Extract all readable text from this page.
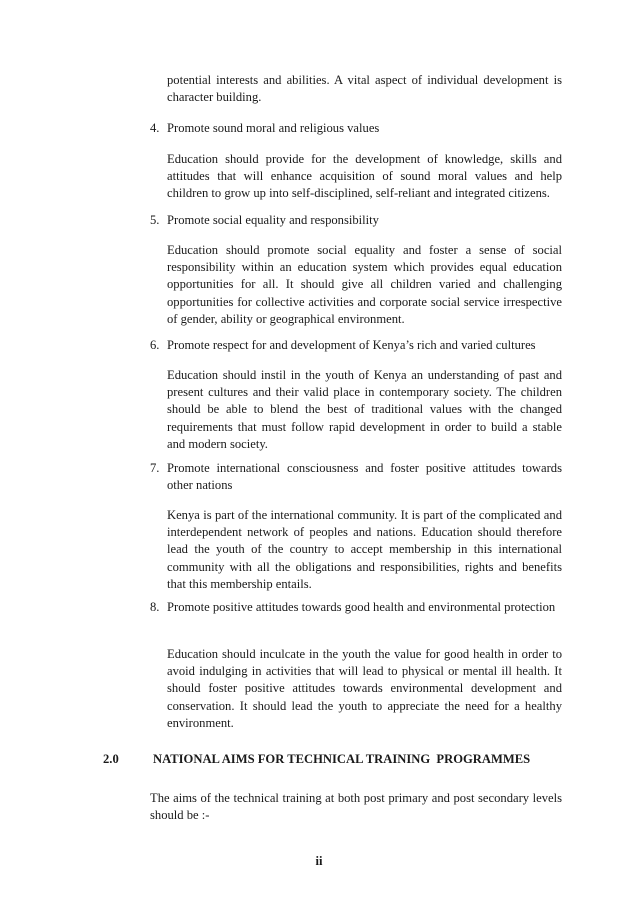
potential interests and abilities. A vital aspect of individual development is character building.

4. Promote sound moral and religious values

Education should provide for the development of knowledge, skills and attitudes that will enhance acquisition of sound moral values and help children to grow up into self-disciplined, self-reliant and integrated citizens.

5. Promote social equality and responsibility

Education should promote social equality and foster a sense of social responsibility within an education system which provides equal education opportunities for all. It should give all children varied and challenging opportunities for collective activities and corporate social service irrespective of gender, ability or geographical environment.

6. Promote respect for and development of Kenya’s rich and varied cultures

Education should instil in the youth of Kenya an understanding of past and present cultures and their valid place in contemporary society. The children should be able to blend the best of traditional values with the changed requirements that must follow rapid development in order to build a stable and modern society.

7. Promote international consciousness and foster positive attitudes towards other nations

Kenya is part of the international community. It is part of the complicated and interdependent network of peoples and nations. Education should therefore lead the youth of the country to accept membership in this international community with all the obligations and responsibilities, rights and benefits that this membership entails.

8. Promote positive attitudes towards good health and environmental protection

Education should inculcate in the youth the value for good health in order to avoid indulging in activities that will lead to physical or mental ill health. It should foster positive attitudes towards environmental development and conservation. It should lead the youth to appreciate the need for a healthy environment.

2.0	NATIONAL AIMS FOR TECHNICAL TRAINING  PROGRAMMES

The aims of the technical training at both post primary and post secondary levels should be :-

ii
